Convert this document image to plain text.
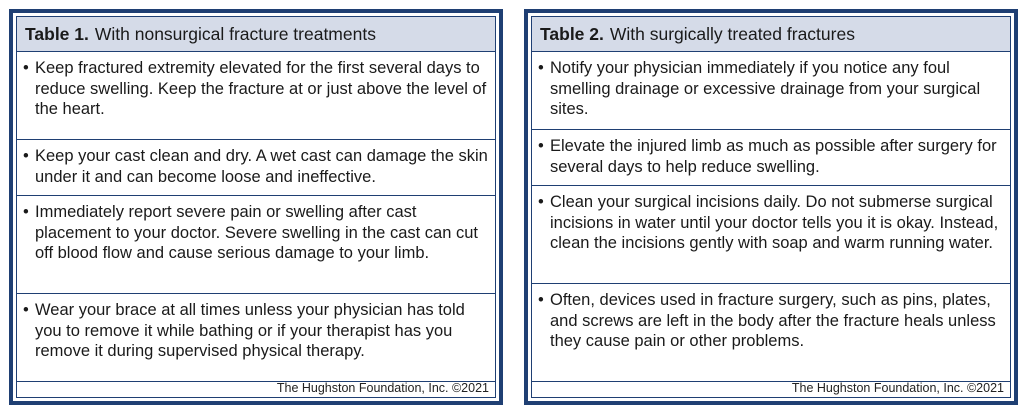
Table 1. With nonsurgical fracture treatments
• Keep fractured extremity elevated for the first several days to reduce swelling. Keep the fracture at or just above the level of the heart.
• Keep your cast clean and dry. A wet cast can damage the skin under it and can become loose and ineffective.
• Immediately report severe pain or swelling after cast placement to your doctor. Severe swelling in the cast can cut off blood flow and cause serious damage to your limb.
• Wear your brace at all times unless your physician has told you to remove it while bathing or if your therapist has you remove it during supervised physical therapy.
The Hughston Foundation, Inc. ©2021
Table 2. With surgically treated fractures
• Notify your physician immediately if you notice any foul smelling drainage or excessive drainage from your surgical sites.
• Elevate the injured limb as much as possible after surgery for several days to help reduce swelling.
• Clean your surgical incisions daily. Do not submerse surgical incisions in water until your doctor tells you it is okay. Instead, clean the incisions gently with soap and warm running water.
• Often, devices used in fracture surgery, such as pins, plates, and screws are left in the body after the fracture heals unless they cause pain or other problems.
The Hughston Foundation, Inc. ©2021
